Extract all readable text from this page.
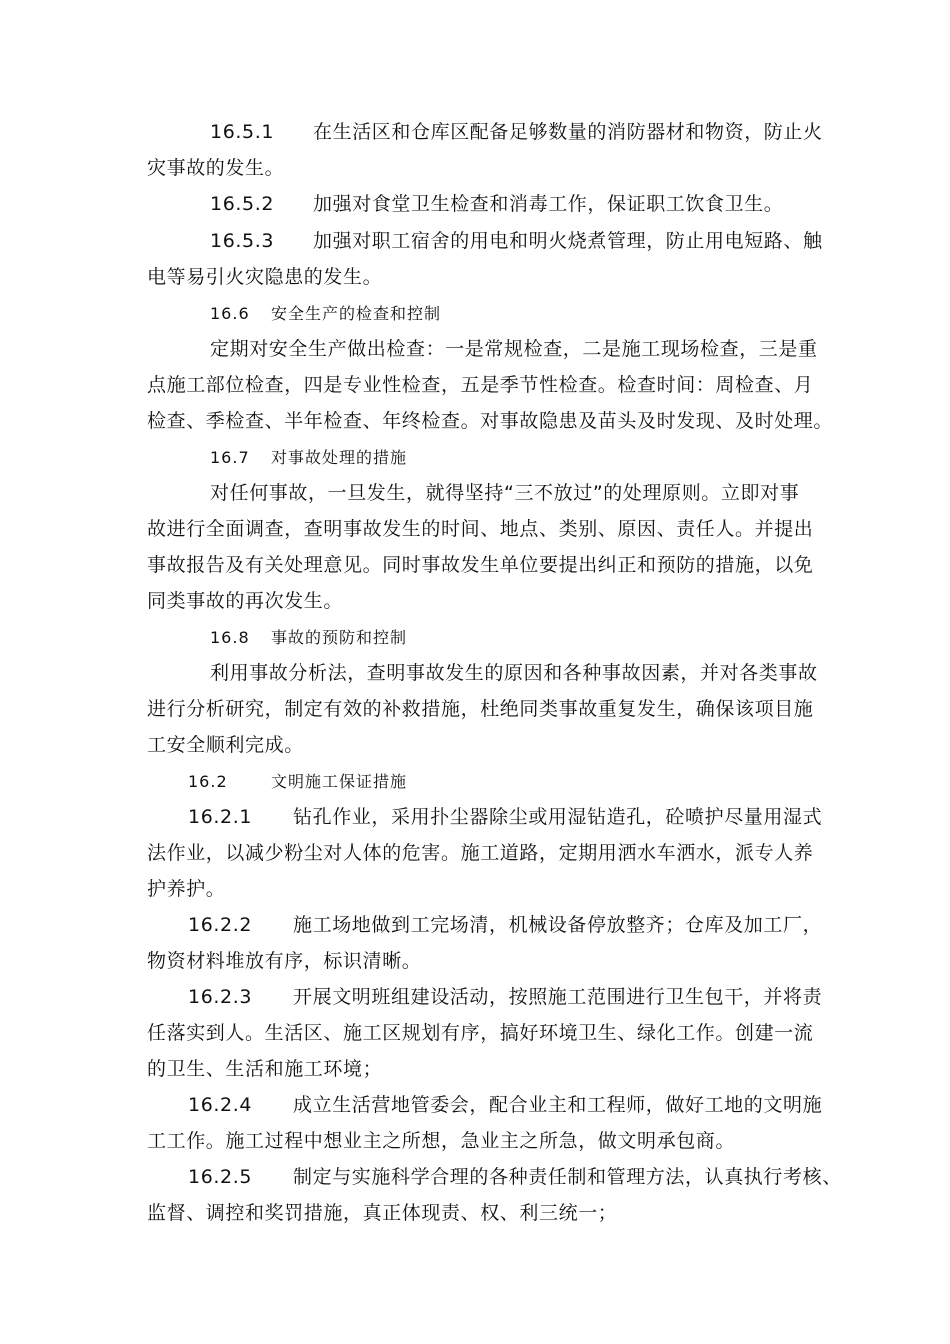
16.5.1 在生活区和仓库区配备足够数量的消防器材和物资，防止火
灾事故的发生。
16.5.2 加强对食堂卫生检查和消毒工作，保证职工饮食卫生。
16.5.3 加强对职工宿舍的用电和明火烧煮管理，防止用电短路、触
电等易引火灾隐患的发生。
16.6 安全生产的检查和控制
定期对安全生产做出检查：一是常规检查，二是施工现场检查，三是重
点施工部位检查，四是专业性检查，五是季节性检查。检查时间：周检查、月
检查、季检查、半年检查、年终检查。对事故隐患及苗头及时发现、及时处理。
16.7 对事故处理的措施
对任何事故，一旦发生，就得坚持“三不放过”的处理原则。立即对事
故进行全面调查，查明事故发生的时间、地点、类别、原因、责任人。并提出
事故报告及有关处理意见。同时事故发生单位要提出纠正和预防的措施，以免
同类事故的再次发生。
16.8 事故的预防和控制
利用事故分析法，查明事故发生的原因和各种事故因素，并对各类事故
进行分析研究，制定有效的补救措施，杜绝同类事故重复发生，确保该项目施
工安全顺利完成。
16.2	文明施工保证措施
16.2.1 钻孔作业，采用扑尘器除尘或用湿钻造孔，砼喷护尽量用湿式
法作业，以减少粉尘对人体的危害。施工道路，定期用洒水车洒水，派专人养
护养护。
16.2.2 施工场地做到工完场清，机械设备停放整齐；仓库及加工厂，
物资材料堆放有序，标识清晰。
16.2.3 开展文明班组建设活动，按照施工范围进行卫生包干，并将责
任落实到人。生活区、施工区规划有序，搞好环境卫生、绿化工作。创建一流
的卫生、生活和施工环境；
16.2.4 成立生活营地管委会，配合业主和工程师，做好工地的文明施
工工作。施工过程中想业主之所想，急业主之所急，做文明承包商。
16.2.5 制定与实施科学合理的各种责任制和管理方法，认真执行考核、
监督、调控和奖罚措施，真正体现责、权、利三统一；
